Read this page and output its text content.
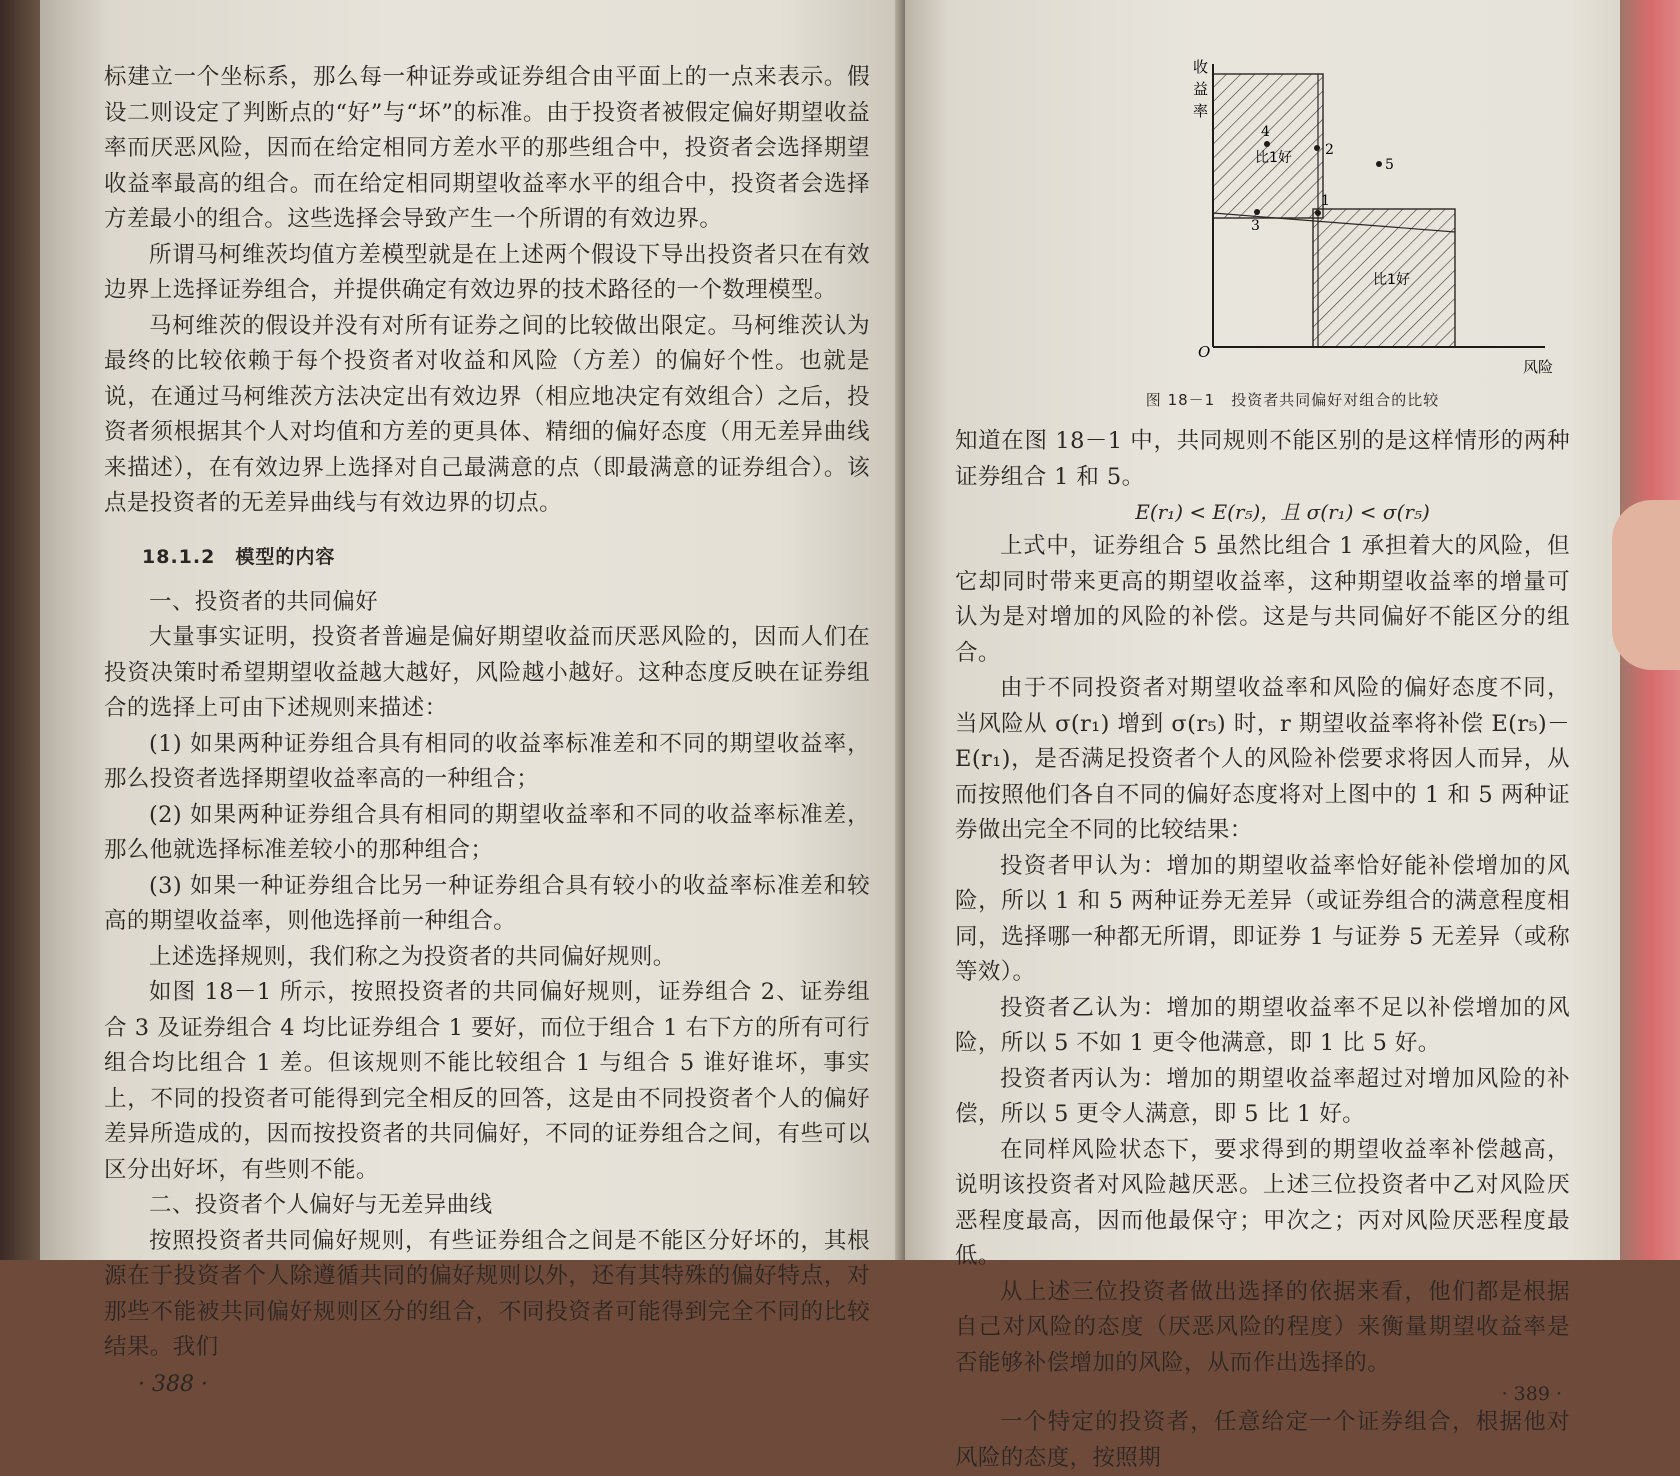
标建立一个坐标系，那么每一种证券或证券组合由平面上的一点来表示。假设二则设定了判断点的“好”与“坏”的标准。由于投资者被假定偏好期望收益率而厌恶风险，因而在给定相同方差水平的那些组合中，投资者会选择期望收益率最高的组合。而在给定相同期望收益率水平的组合中，投资者会选择方差最小的组合。这些选择会导致产生一个所谓的有效边界。

所谓马柯维茨均值方差模型就是在上述两个假设下导出投资者只在有效边界上选择证券组合，并提供确定有效边界的技术路径的一个数理模型。

马柯维茨的假设并没有对所有证券之间的比较做出限定。马柯维茨认为最终的比较依赖于每个投资者对收益和风险（方差）的偏好个性。也就是说，在通过马柯维茨方法决定出有效边界（相应地决定有效组合）之后，投资者须根据其个人对均值和方差的更具体、精细的偏好态度（用无差异曲线来描述），在有效边界上选择对自己最满意的点（即最满意的证券组合）。该点是投资者的无差异曲线与有效边界的切点。

18.1.2　模型的内容

一、投资者的共同偏好

大量事实证明，投资者普遍是偏好期望收益而厌恶风险的，因而人们在投资决策时希望期望收益越大越好，风险越小越好。这种态度反映在证券组合的选择上可由下述规则来描述：

(1) 如果两种证券组合具有相同的收益率标准差和不同的期望收益率，那么投资者选择期望收益率高的一种组合；

(2) 如果两种证券组合具有相同的期望收益率和不同的收益率标准差，那么他就选择标准差较小的那种组合；

(3) 如果一种证券组合比另一种证券组合具有较小的收益率标准差和较高的期望收益率，则他选择前一种组合。

上述选择规则，我们称之为投资者的共同偏好规则。

如图 18－1 所示，按照投资者的共同偏好规则，证券组合 2、证券组合 3 及证券组合 4 均比证券组合 1 要好，而位于组合 1 右下方的所有可行组合均比组合 1 差。但该规则不能比较组合 1 与组合 5 谁好谁坏，事实上，不同的投资者可能得到完全相反的回答，这是由不同投资者个人的偏好差异所造成的，因而按投资者的共同偏好，不同的证券组合之间，有些可以区分出好坏，有些则不能。

二、投资者个人偏好与无差异曲线

按照投资者共同偏好规则，有些证券组合之间是不能区分好坏的，其根源在于投资者个人除遵循共同的偏好规则以外，还有其特殊的偏好特点，对那些不能被共同偏好规则区分的组合，不同投资者可能得到完全不同的比较结果。我们

· 388 ·
收
益
率
风险
O
比1好
比1好
4
2
5
1
3
图 18－1　投资者共同偏好对组合的比较

知道在图 18－1 中，共同规则不能区别的是这样情形的两种证券组合 1 和 5。

E(r₁) < E(r₅)，且 σ(r₁) < σ(r₅)

上式中，证券组合 5 虽然比组合 1 承担着大的风险，但它却同时带来更高的期望收益率，这种期望收益率的增量可认为是对增加的风险的补偿。这是与共同偏好不能区分的组合。

由于不同投资者对期望收益率和风险的偏好态度不同，当风险从 σ(r₁) 增到 σ(r₅) 时，r 期望收益率将补偿 E(r₅)－E(r₁)，是否满足投资者个人的风险补偿要求将因人而异，从而按照他们各自不同的偏好态度将对上图中的 1 和 5 两种证券做出完全不同的比较结果：

投资者甲认为：增加的期望收益率恰好能补偿增加的风险，所以 1 和 5 两种证券无差异（或证券组合的满意程度相同，选择哪一种都无所谓，即证券 1 与证券 5 无差异（或称等效）。

投资者乙认为：增加的期望收益率不足以补偿增加的风险，所以 5 不如 1 更令他满意，即 1 比 5 好。

投资者丙认为：增加的期望收益率超过对增加风险的补偿，所以 5 更令人满意，即 5 比 1 好。

在同样风险状态下，要求得到的期望收益率补偿越高，说明该投资者对风险越厌恶。上述三位投资者中乙对风险厌恶程度最高，因而他最保守；甲次之；丙对风险厌恶程度最低。

从上述三位投资者做出选择的依据来看，他们都是根据自己对风险的态度（厌恶风险的程度）来衡量期望收益率是否能够补偿增加的风险，从而作出选择的。

· 389 ·

一个特定的投资者，任意给定一个证券组合，根据他对风险的态度，按照期
